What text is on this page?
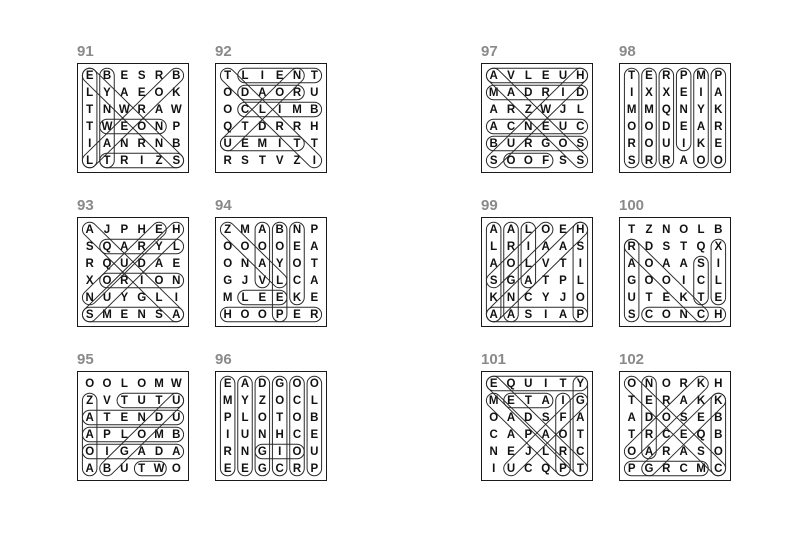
91
E B E S R B
L Y A E O K
T N W R A W
T W E O N P
I	A N R N B
L T R	I	Z S
92
T L	I	E N T
O D A O R U
O C L	I M B
Q T D R R H
U E M I	T T
R S T V Z	I
97
A V L E U H
M A D R	I	D
A R Z W J L
A C N E U C
B U R G O S
S O O F S S
98
T E R P M P
I	X X E	I	A
M M Q N Y K
O O D E A R
R O U	I	K E
S R R A O O
93
A J P H E H
S Q A R Y L
R Q U D A E
X O R	I O N
N U Y G L	I
S M E N S A
94
Z M A B N P
O O O O E A
O N A Y O T
G J V L C A
M L E E K E
H O O P E R
99
A A L O E H
L R	I	A A S
A O L V T	I
S G A T P L
K N C Y J O
A A S	I	A P
100
T Z N O L B
R D S T Q X
A O A A S	I
G O O I	C L
U T E K T E
S C O N C H
95
O O L O M W
Z V T U T U
A T E N D U
A P L O M B
O I G A D A
A B U T W O
96
E A D G O O
M Y Z O C L
P L O T O B
I	U N H C E
R N G I O U
E E G C R P
101
E Q U	I	T Y
M E T A	I G
O A D S F A
C A P A O T
N E J L R C
I	U C Q P T
102
O N O R K H
T E R A K K
A D O S E B
T R C E Q B
O A R A S O
P G R C M C
